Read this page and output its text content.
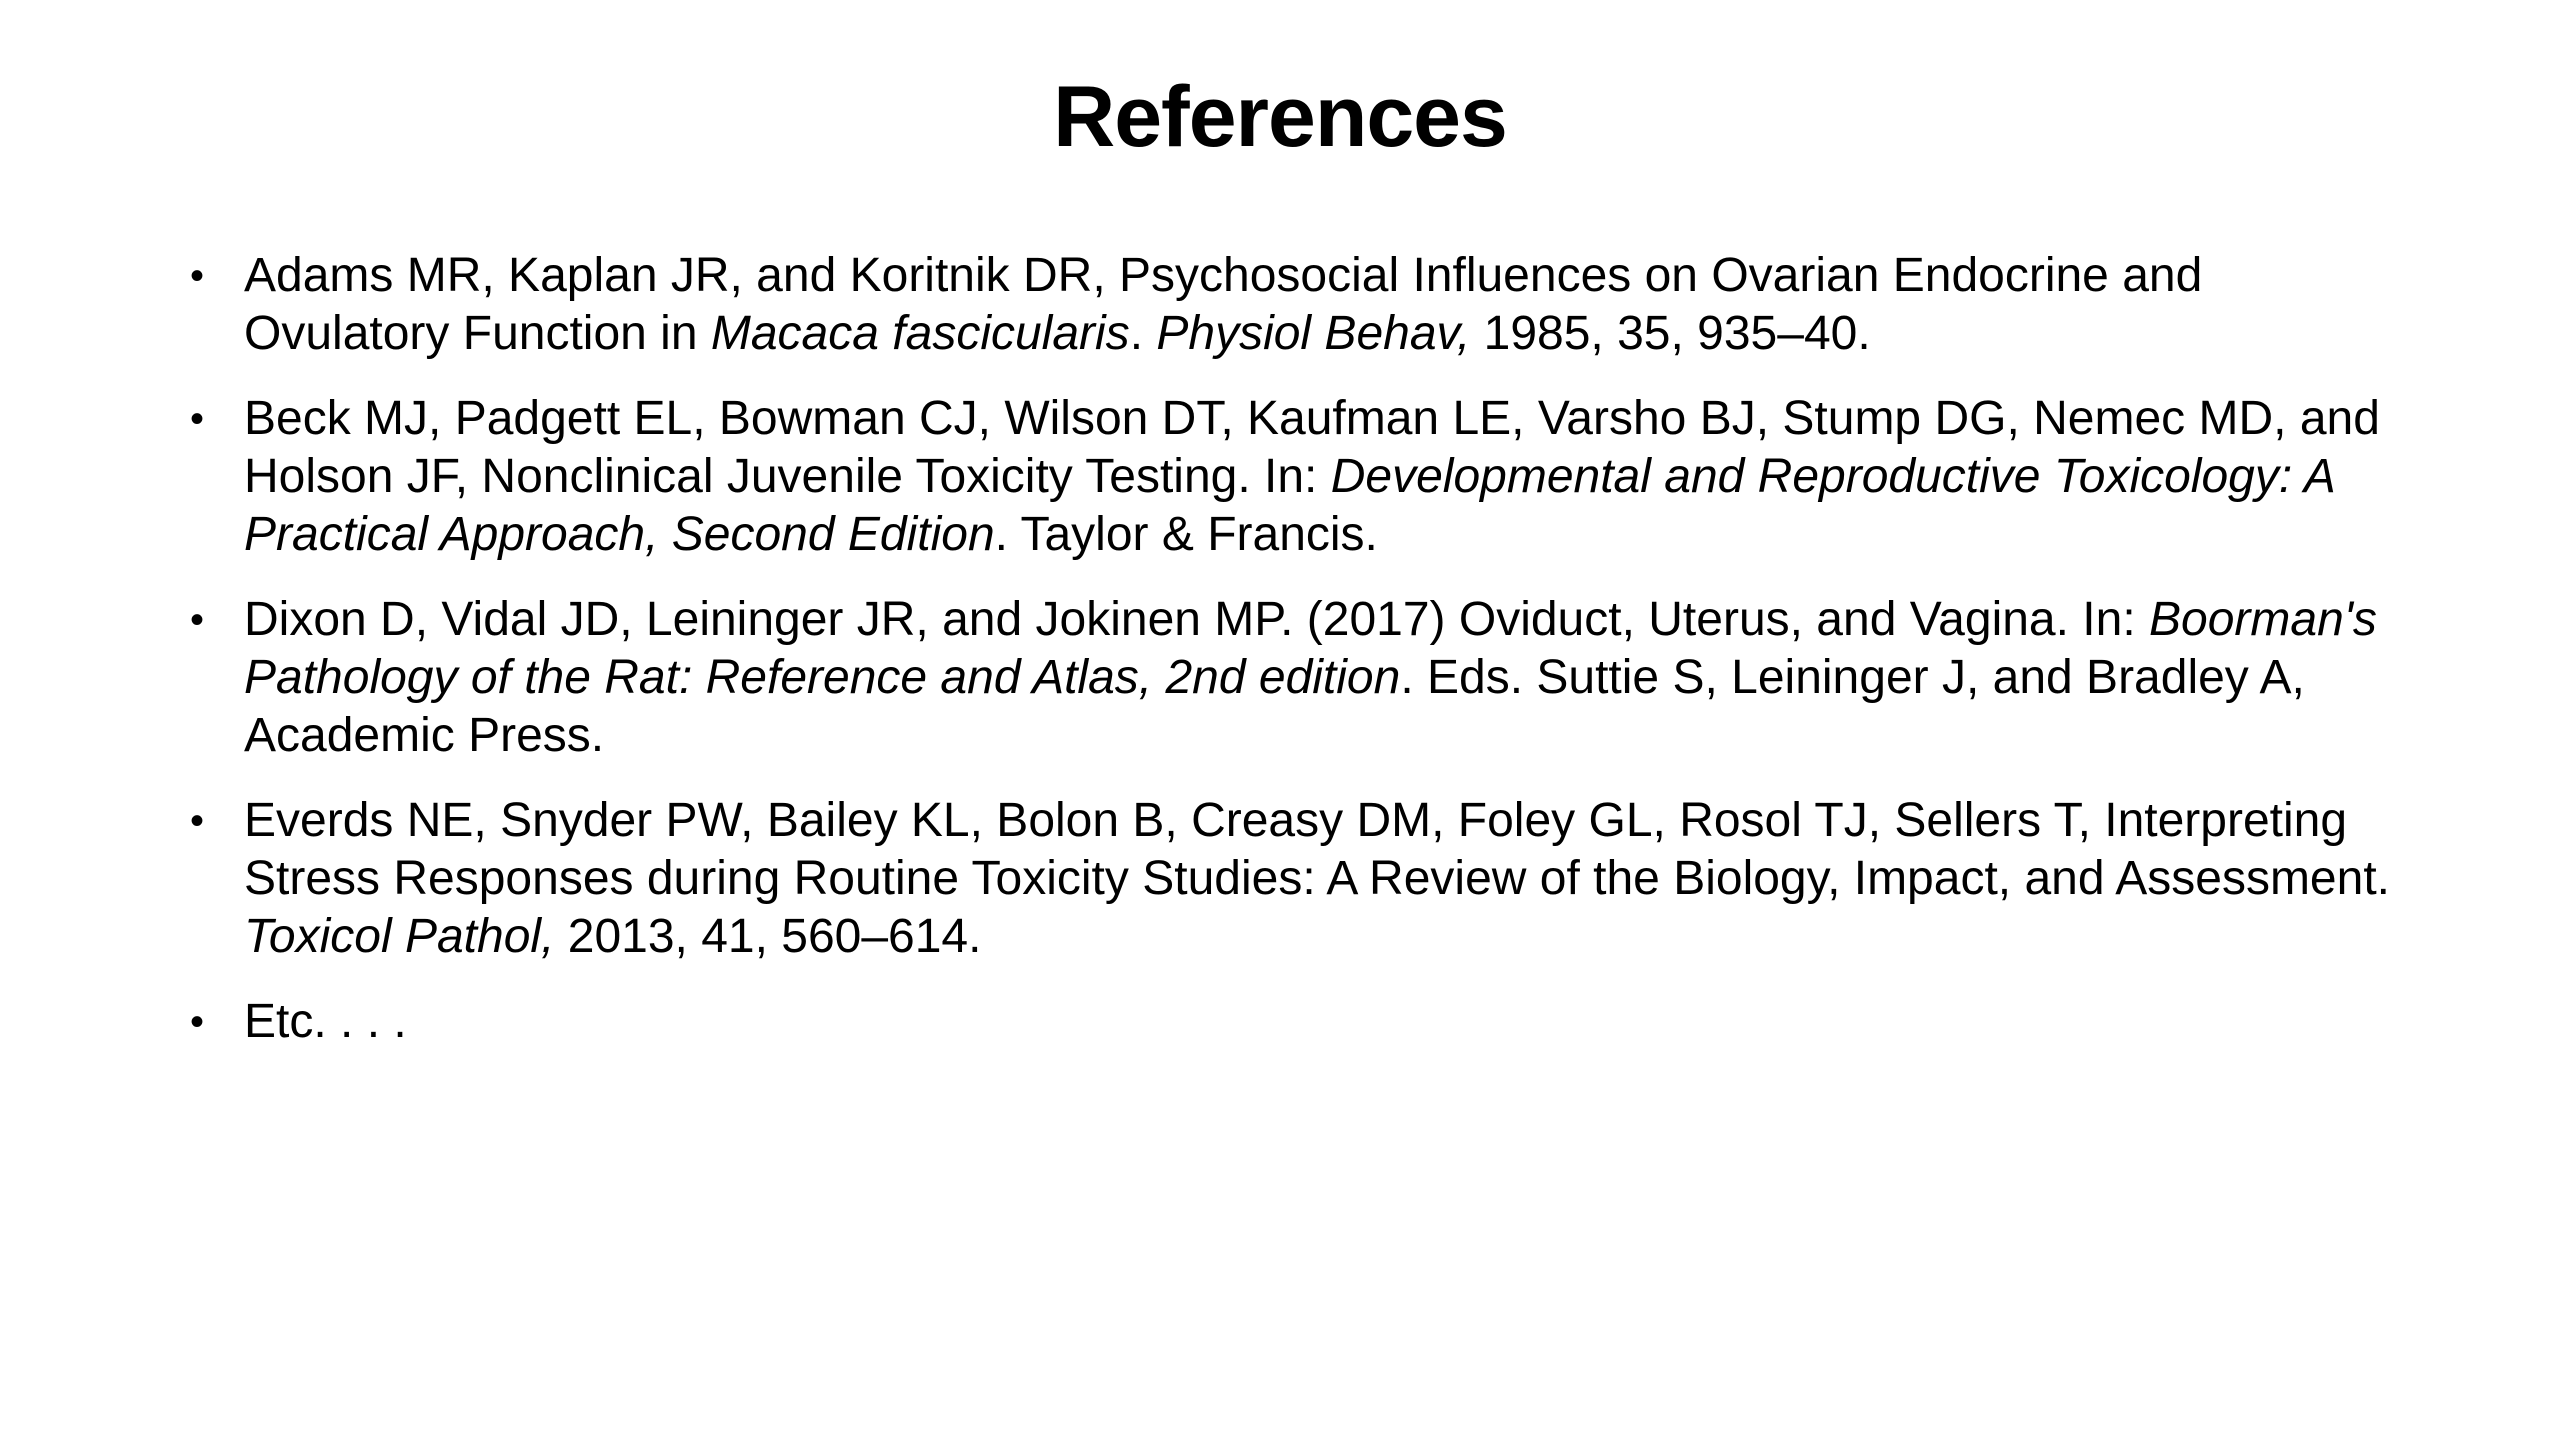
References
• Adams MR, Kaplan JR, and Koritnik DR, Psychosocial Influences on Ovarian Endocrine and Ovulatory Function in Macaca fascicularis. Physiol Behav, 1985, 35, 935–40.
• Beck MJ, Padgett EL, Bowman CJ, Wilson DT, Kaufman LE, Varsho BJ, Stump DG, Nemec MD, and Holson JF, Nonclinical Juvenile Toxicity Testing. In: Developmental and Reproductive Toxicology: A Practical Approach, Second Edition. Taylor & Francis.
• Dixon D, Vidal JD, Leininger JR, and Jokinen MP. (2017) Oviduct, Uterus, and Vagina. In: Boorman's Pathology of the Rat: Reference and Atlas, 2nd edition. Eds. Suttie S, Leininger J, and Bradley A, Academic Press.
• Everds NE, Snyder PW, Bailey KL, Bolon B, Creasy DM, Foley GL, Rosol TJ, Sellers T, Interpreting Stress Responses during Routine Toxicity Studies: A Review of the Biology, Impact, and Assessment. Toxicol Pathol, 2013, 41, 560–614.
• Etc. . . .
